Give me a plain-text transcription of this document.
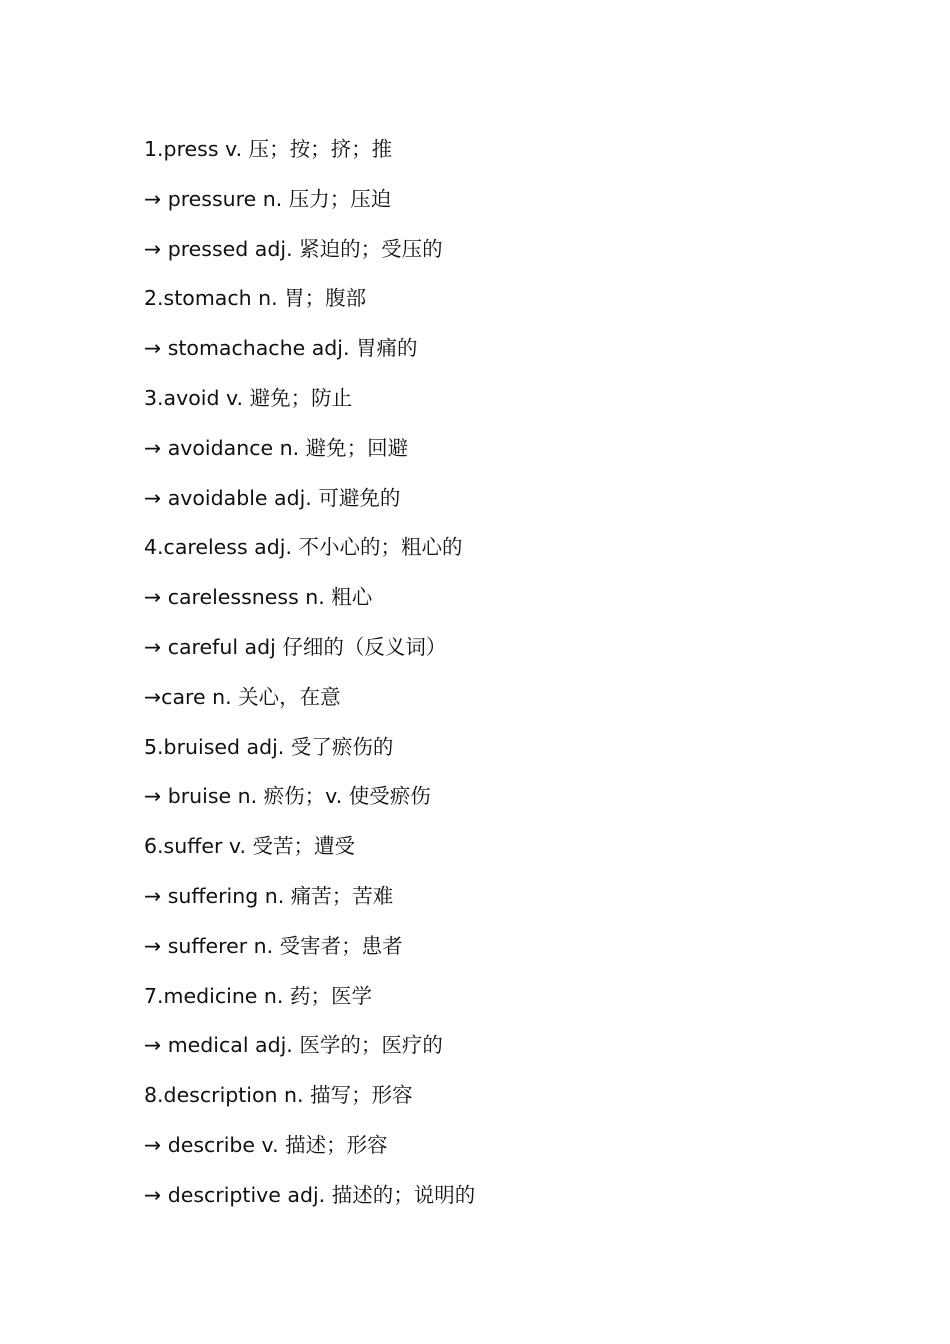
1.press v. 压；按；挤；推
→ pressure n. 压力；压迫
→ pressed adj. 紧迫的；受压的
2.stomach n. 胃；腹部
→ stomachache adj. 胃痛的
3.avoid v. 避免；防止
→ avoidance n. 避免；回避
→ avoidable adj. 可避免的
4.careless adj. 不小心的；粗心的
→ carelessness n. 粗心
→ careful adj 仔细的（反义词）
→care n. 关心，在意
5.bruised adj. 受了瘀伤的
→ bruise n. 瘀伤；v. 使受瘀伤
6.suffer v. 受苦；遭受
→ suffering n. 痛苦；苦难
→ sufferer n. 受害者；患者
7.medicine n. 药；医学
→ medical adj. 医学的；医疗的
8.description n. 描写；形容
→ describe v. 描述；形容
→ descriptive adj. 描述的；说明的
